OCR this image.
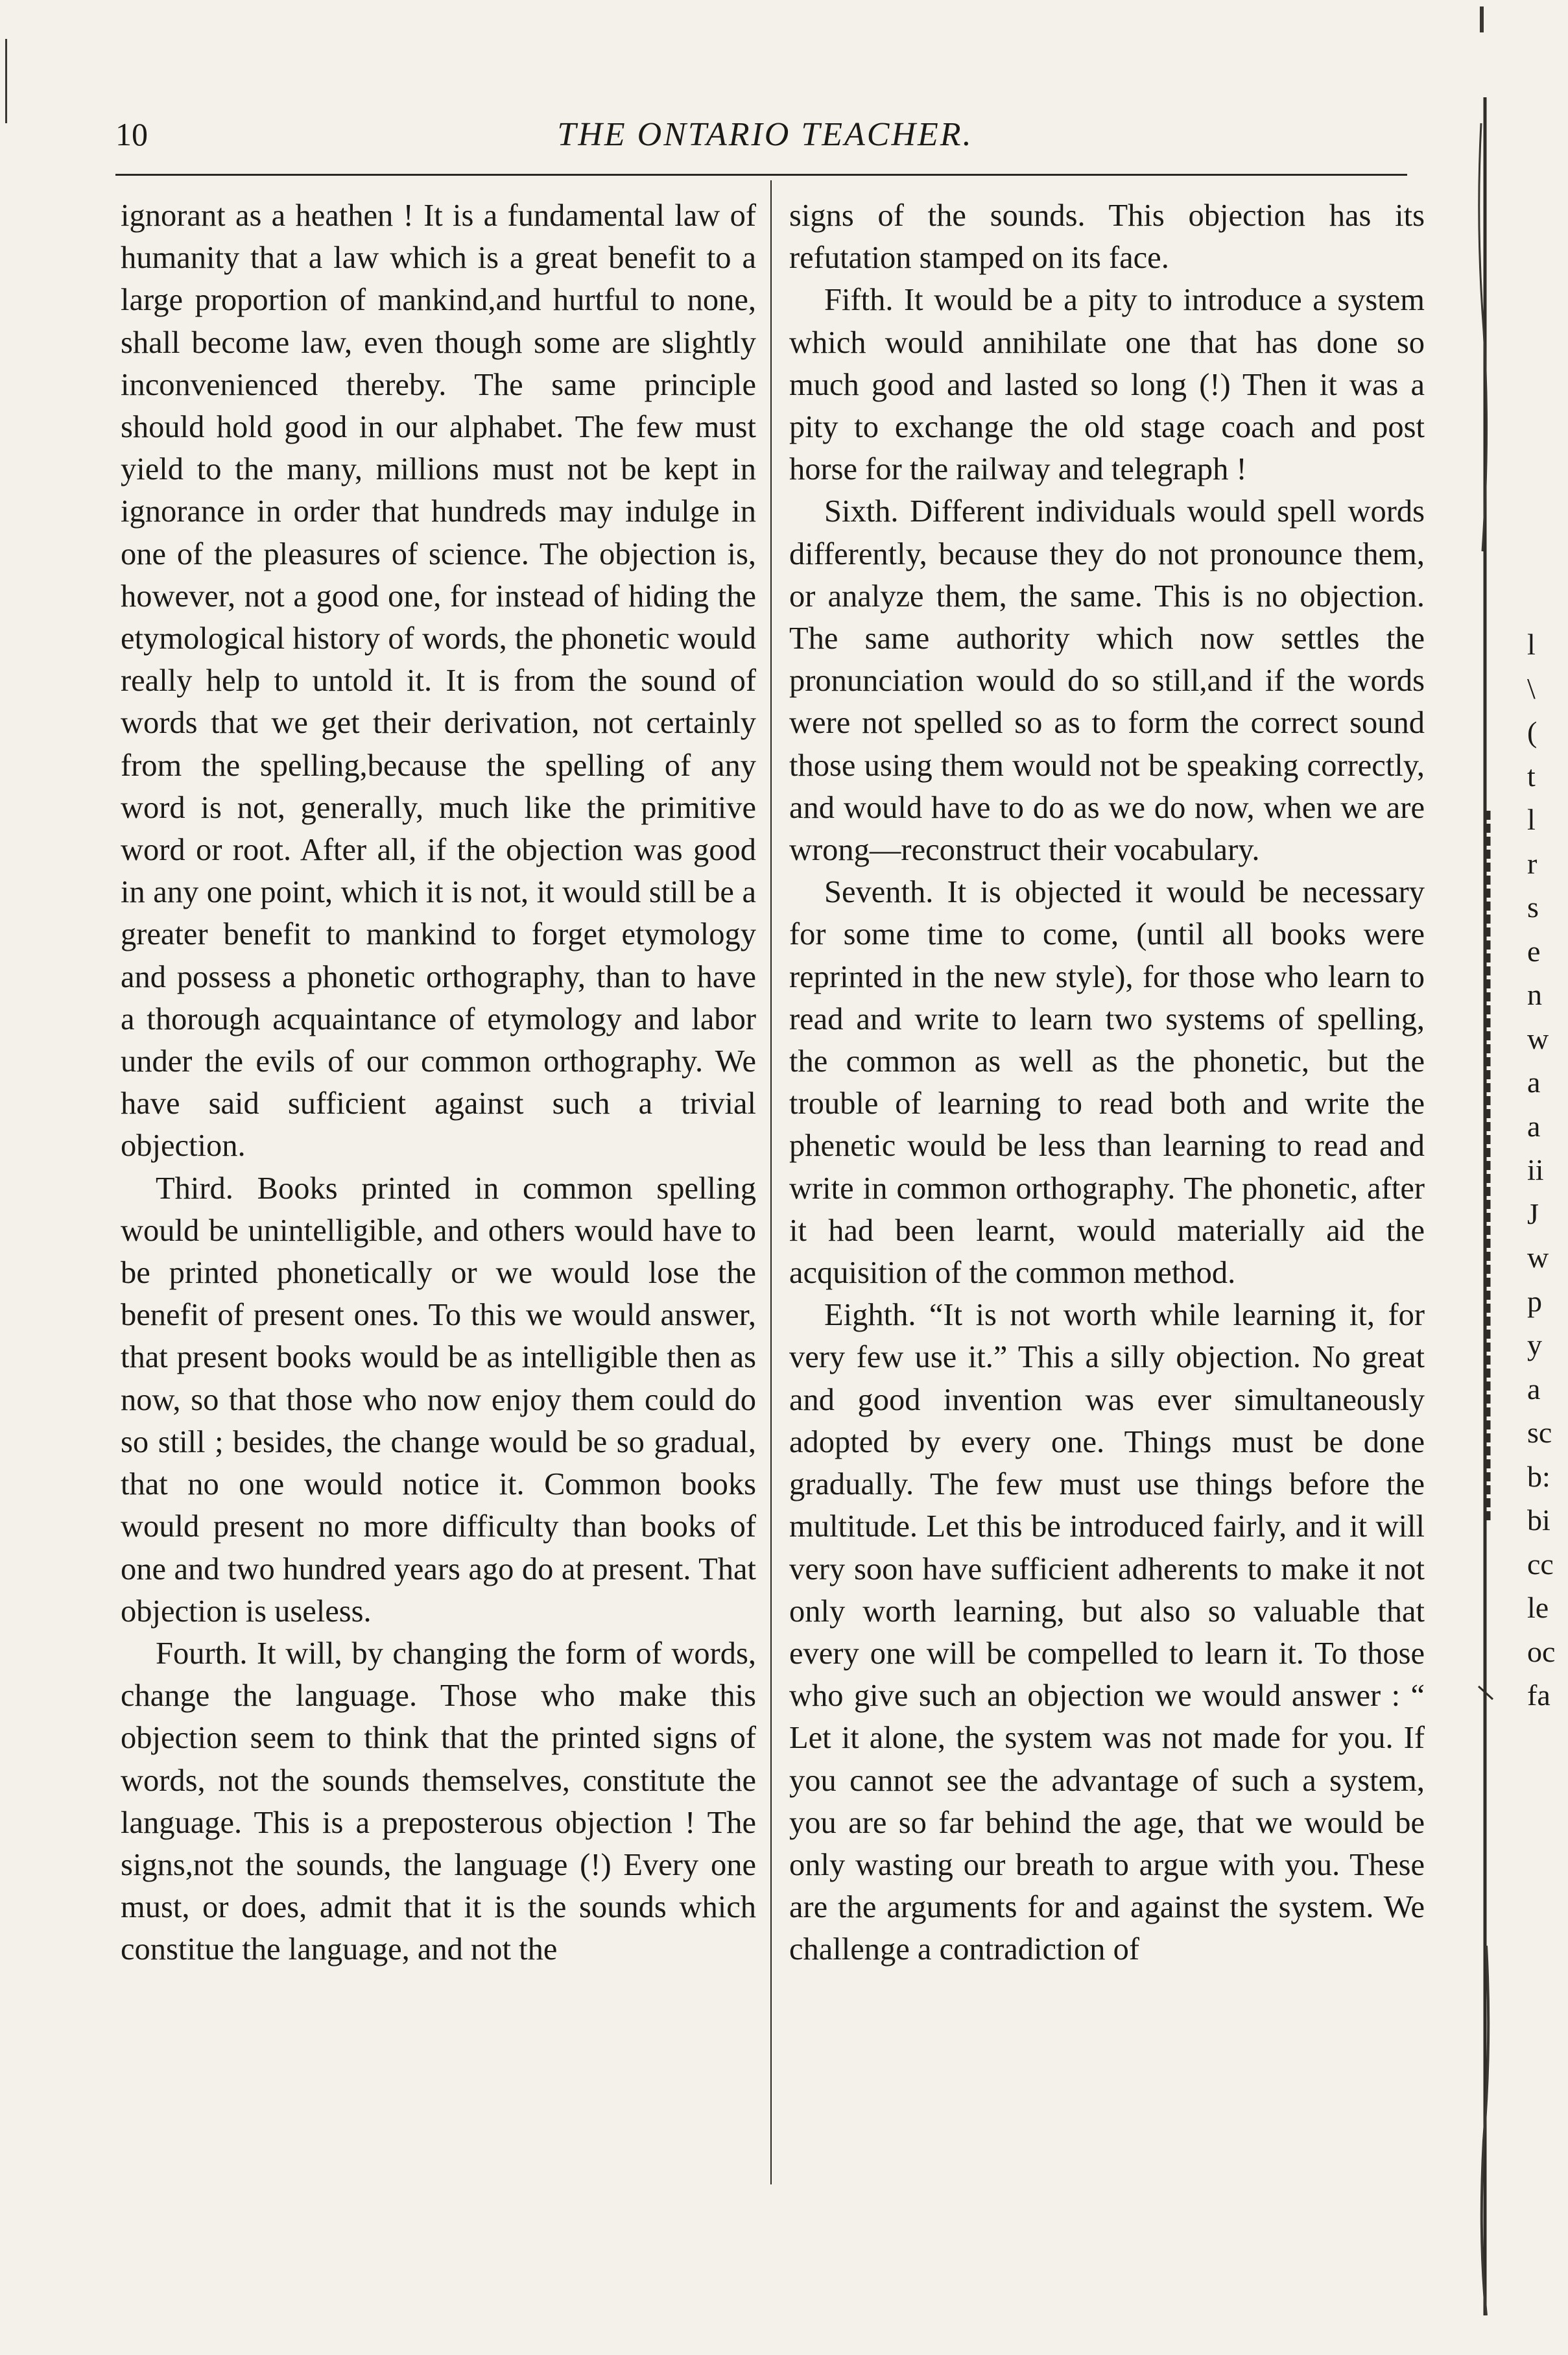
10	THE ONTARIO TEACHER.

ignorant as a heathen ! It is a fundamental law of humanity that a law which is a great benefit to a large proportion of mankind,and hurtful to none, shall become law, even though some are slightly inconvenienced thereby. The same principle should hold good in our alphabet. The few must yield to the many, millions must not be kept in ignorance in order that hundreds may indulge in one of the pleasures of science. The objection is, however, not a good one, for instead of hiding the etymological history of words, the phonetic would really help to untold it. It is from the sound of words that we get their derivation, not certainly from the spelling,because the spelling of any word is not, generally, much like the primitive word or root. After all, if the objection was good in any one point, which it is not, it would still be a greater benefit to mankind to forget etymology and possess a phonetic orthography, than to have a thorough acquaintance of etymology and labor under the evils of our common orthography. We have said sufficient against such a trivial objection.

Third. Books printed in common spelling would be unintelligible, and others would have to be printed phonetically or we would lose the benefit of present ones. To this we would answer, that present books would be as intelligible then as now, so that those who now enjoy them could do so still ; besides, the change would be so gradual, that no one would notice it. Common books would present no more difficulty than books of one and two hundred years ago do at present. That objection is useless.

Fourth. It will, by changing the form of words, change the language. Those who make this objection seem to think that the printed signs of words, not the sounds themselves, constitute the language. This is a preposterous objection ! The signs,not the sounds, the language (!) Every one must, or does, admit that it is the sounds which constitue the language, and not the

signs of the sounds. This objection has its refutation stamped on its face.

Fifth. It would be a pity to introduce a system which would annihilate one that has done so much good and lasted so long (!) Then it was a pity to exchange the old stage coach and post horse for the railway and telegraph !

Sixth. Different individuals would spell words differently, because they do not pronounce them, or analyze them, the same. This is no objection. The same authority which now settles the pronunciation would do so still,and if the words were not spelled so as to form the correct sound those using them would not be speaking correctly, and would have to do as we do now, when we are wrong—reconstruct their vocabulary.

Seventh. It is objected it would be necessary for some time to come, (until all books were reprinted in the new style), for those who learn to read and write to learn two systems of spelling, the common as well as the phonetic, but the trouble of learning to read both and write the phenetic would be less than learning to read and write in common orthography. The phonetic, after it had been learnt, would materially aid the acquisition of the common method.

Eighth. “It is not worth while learning it, for very few use it.” This a silly objection. No great and good invention was ever simultaneously adopted by every one. Things must be done gradually. The few must use things before the multitude. Let this be introduced fairly, and it will very soon have sufficient adherents to make it not only worth learning, but also so valuable that every one will be compelled to learn it. To those who give such an objection we would answer : “ Let it alone, the system was not made for you. If you cannot see the advantage of such a system, you are so far behind the age, that we would be only wasting our breath to argue with you. These are the arguments for and against the system. We challenge a contradiction of

l
\
(
t
l
r
s
e
n
w
a
a
ii
J
w
p
y
a
sc
b:
bi
cc
le
oc
fa
